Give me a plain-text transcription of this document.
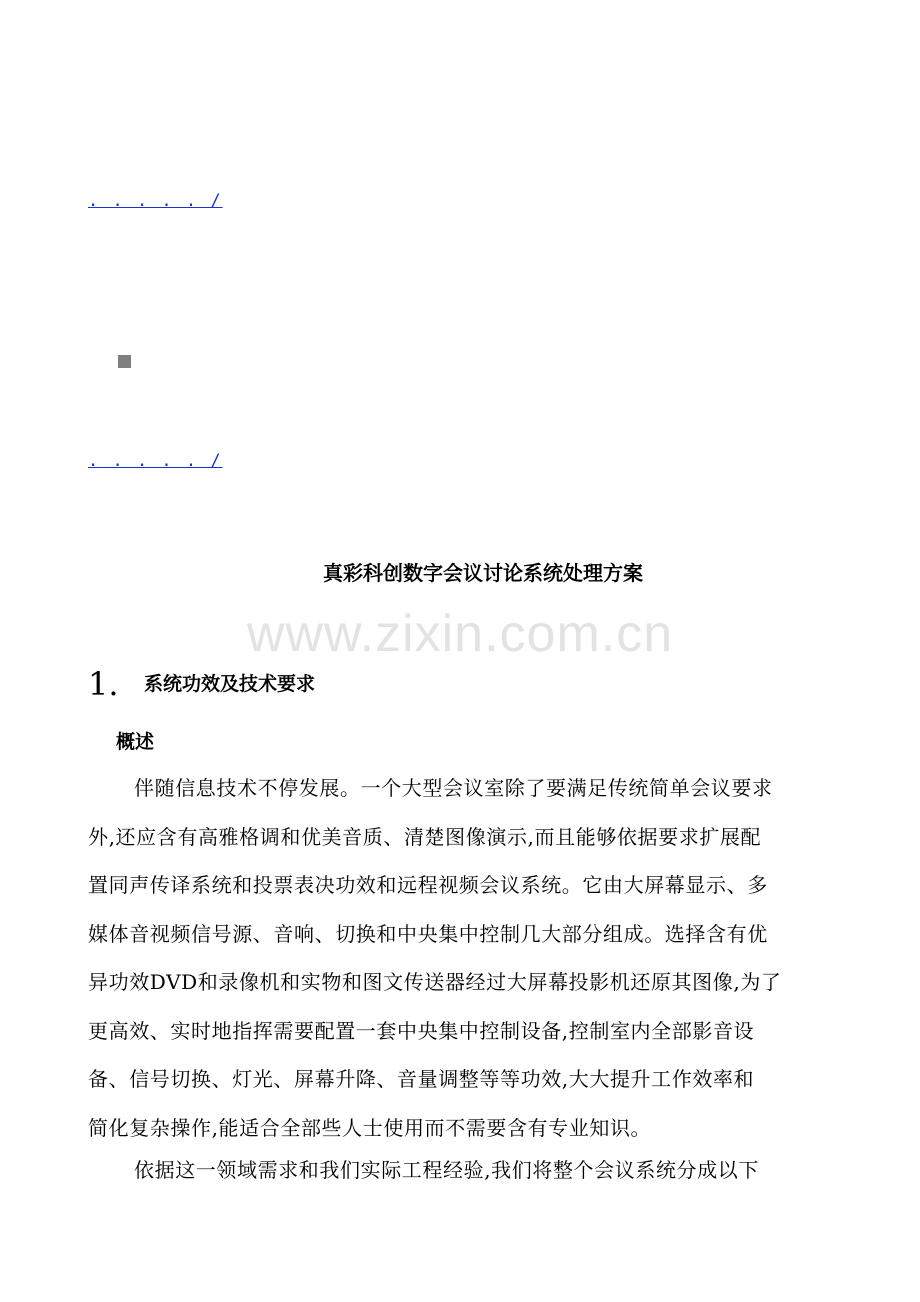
. . . . . /
. . . . . /
真彩科创数字会议讨论系统处理方案
www.zixin.com.cn
1.	系统功效及技术要求
概述
伴随信息技术不停发展。一个大型会议室除了要满足传统简单会议要求
外,还应含有高雅格调和优美音质、清楚图像演示,而且能够依据要求扩展配
置同声传译系统和投票表决功效和远程视频会议系统。它由大屏幕显示、多
媒体音视频信号源、音响、切换和中央集中控制几大部分组成。选择含有优
异功效DVD和录像机和实物和图文传送器经过大屏幕投影机还原其图像,为了
更高效、实时地指挥需要配置一套中央集中控制设备,控制室内全部影音设
备、信号切换、灯光、屏幕升降、音量调整等等功效,大大提升工作效率和
简化复杂操作,能适合全部些人士使用而不需要含有专业知识。
依据这一领域需求和我们实际工程经验,我们将整个会议系统分成以下
